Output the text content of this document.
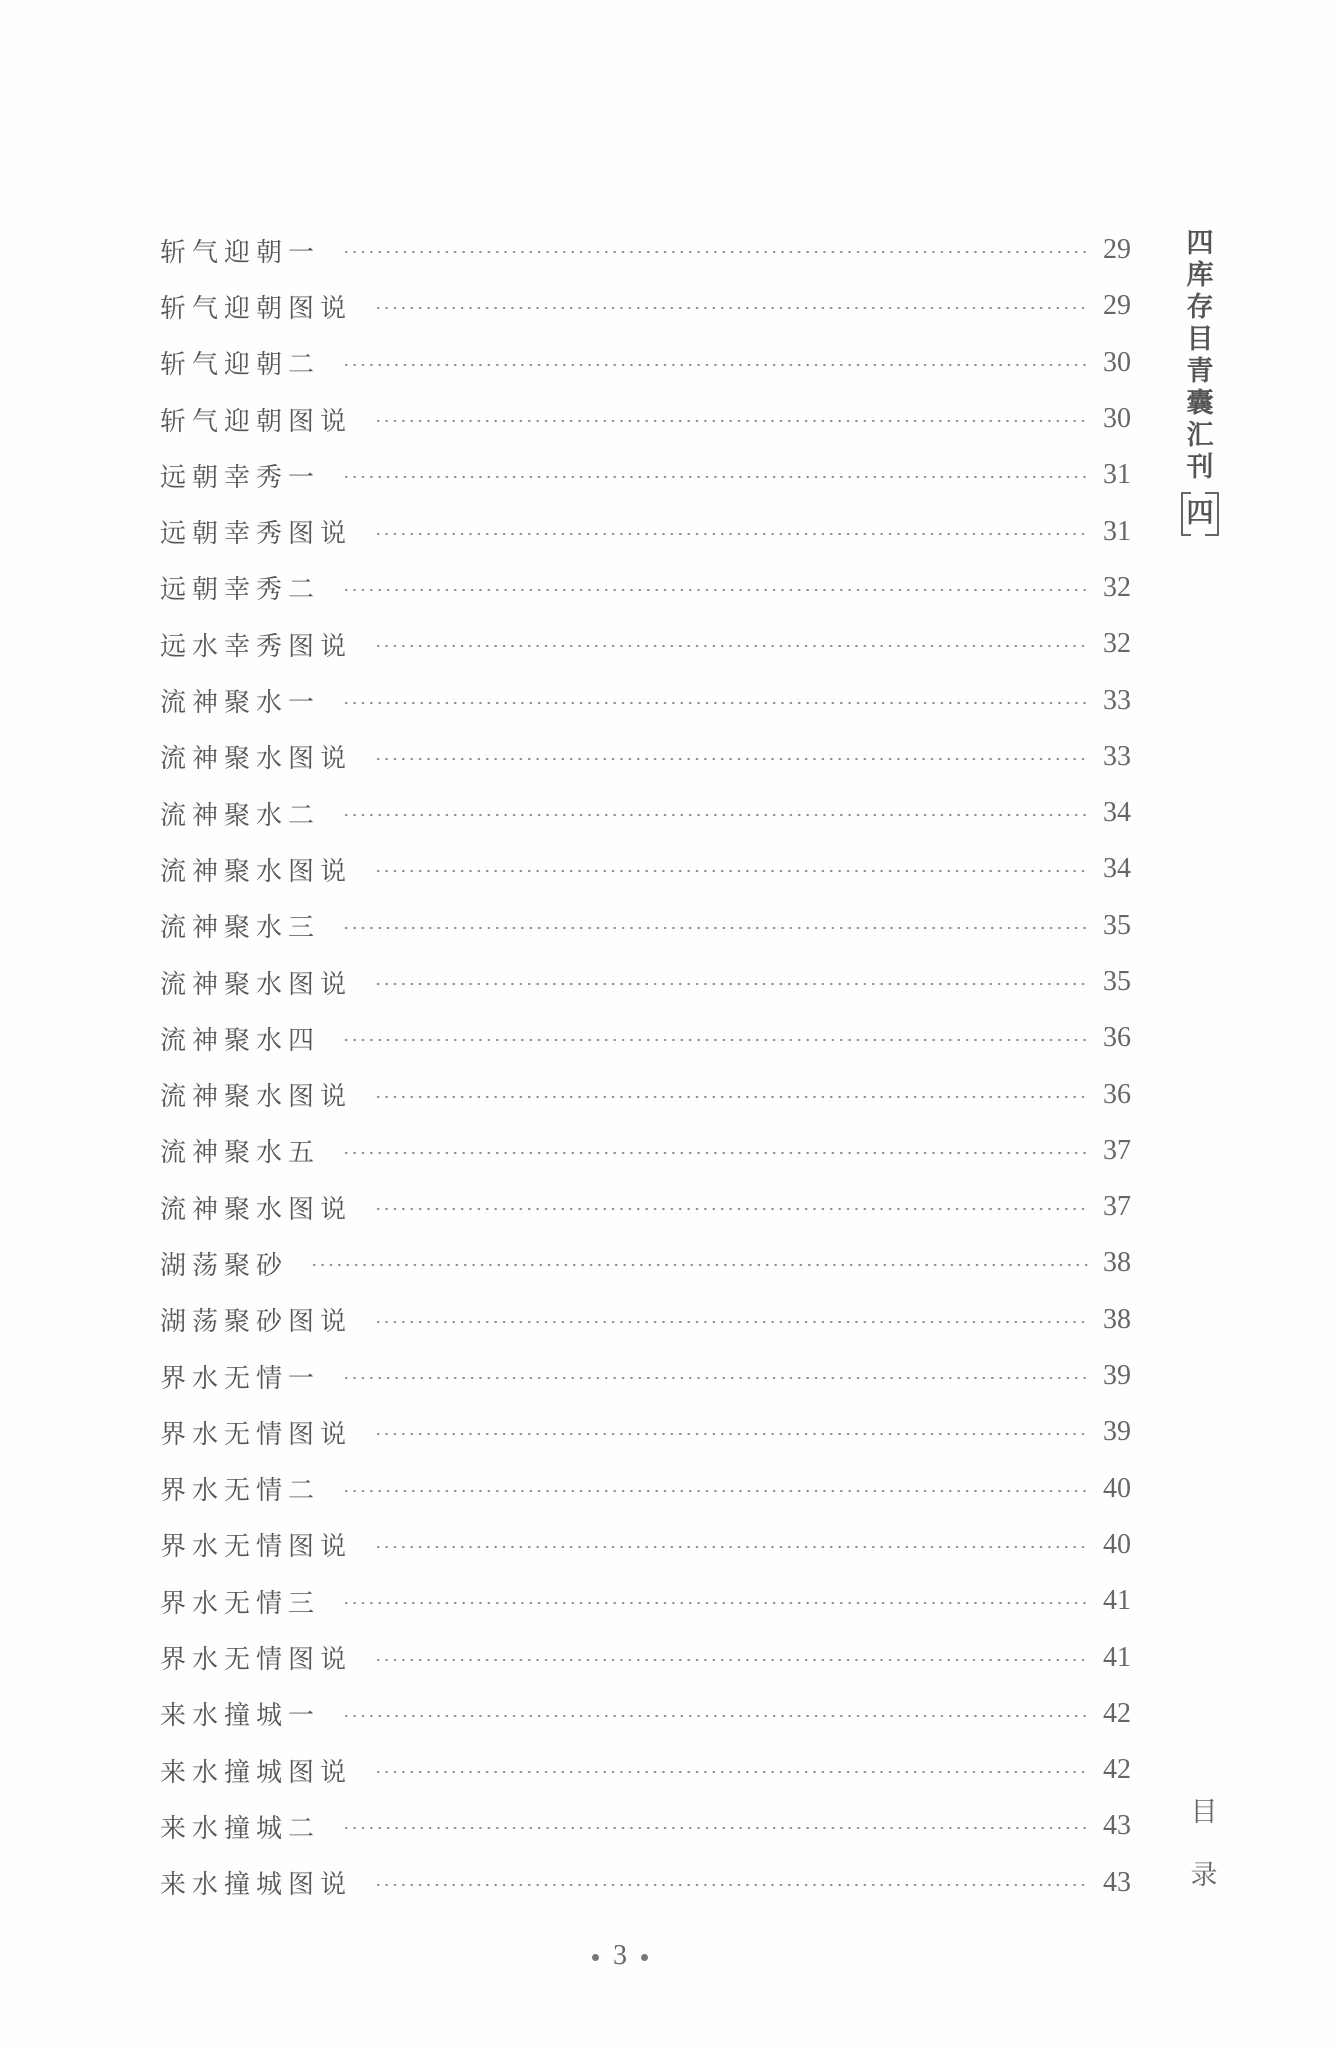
斩气迎朝一	29
斩气迎朝图说	29
斩气迎朝二	30
斩气迎朝图说	30
远朝幸秀一	31
远朝幸秀图说	31
远朝幸秀二	32
远水幸秀图说	32
流神聚水一	33
流神聚水图说	33
流神聚水二	34
流神聚水图说	34
流神聚水三	35
流神聚水图说	35
流神聚水四	36
流神聚水图说	36
流神聚水五	37
流神聚水图说	37
湖荡聚砂	38
湖荡聚砂图说	38
界水无情一	39
界水无情图说	39
界水无情二	40
界水无情图说	40
界水无情三	41
界水无情图说	41
来水撞城一	42
来水撞城图说	42
来水撞城二	43
来水撞城图说	43
四
库
存
目
青
囊
汇
刊
四
目
录
3
